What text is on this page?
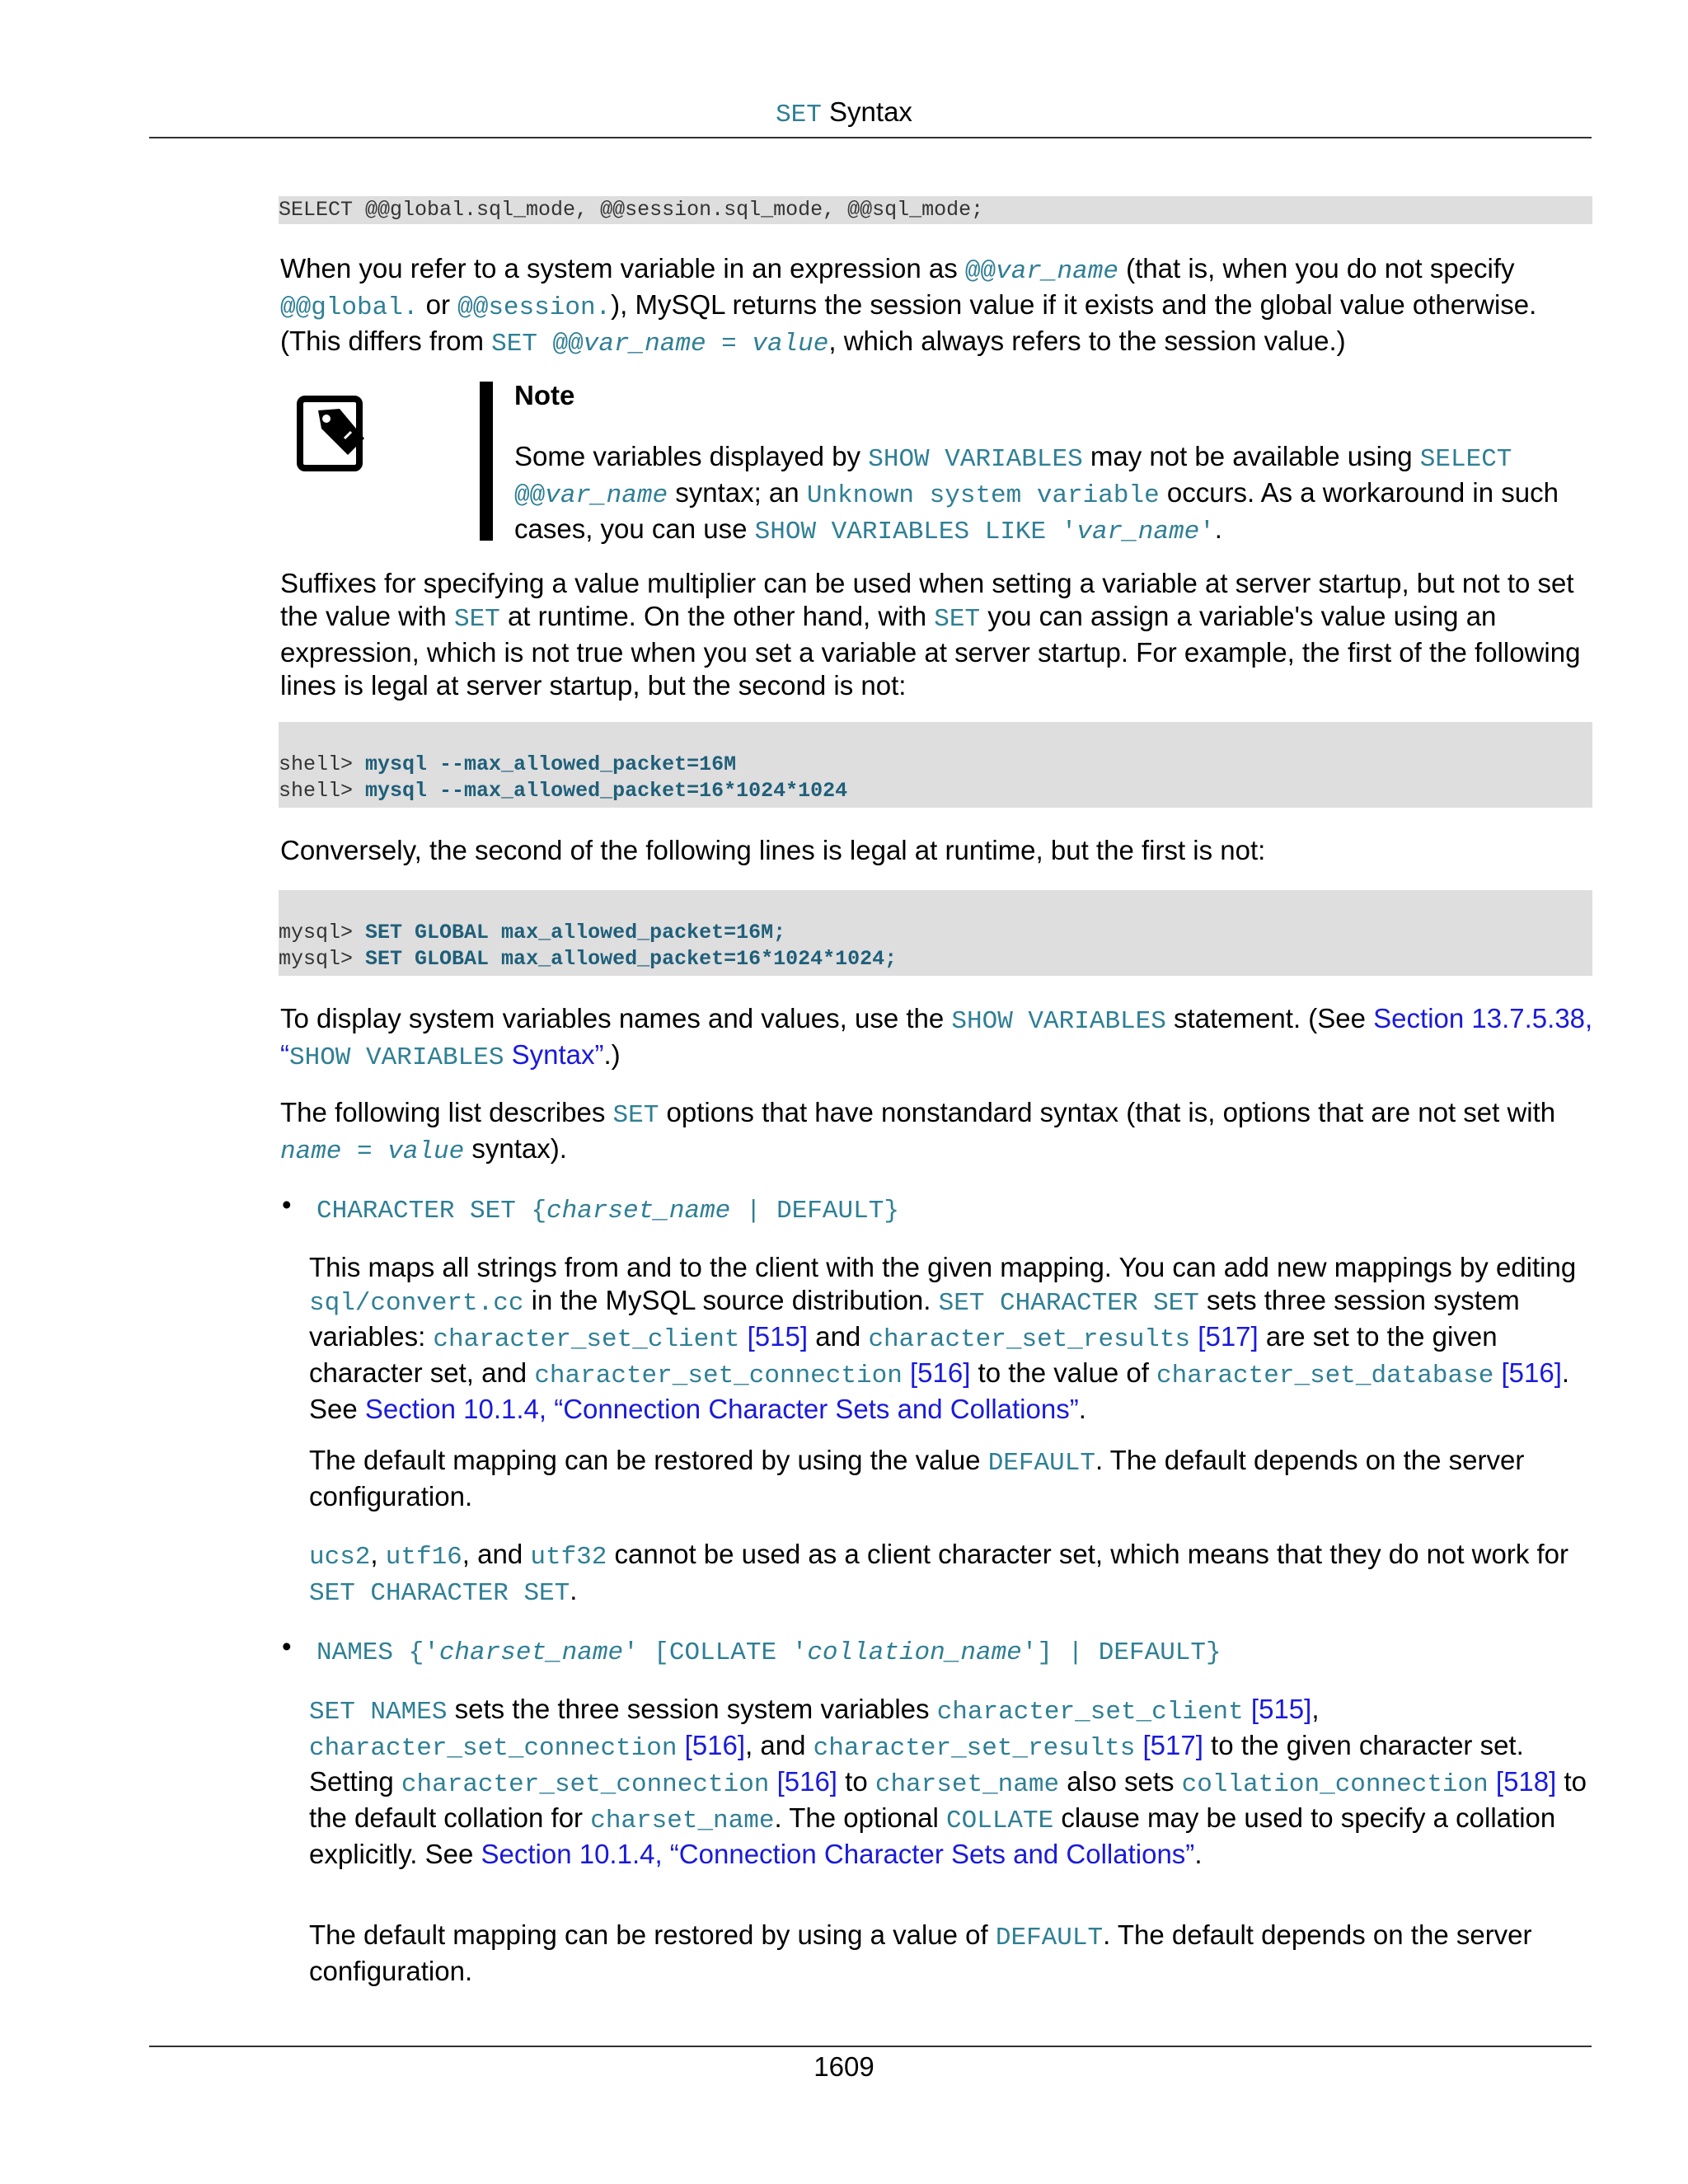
SET Syntax
SELECT @@global.sql_mode, @@session.sql_mode, @@sql_mode;
When you refer to a system variable in an expression as @@var_name (that is, when you do not specify @@global. or @@session.), MySQL returns the session value if it exists and the global value otherwise. (This differs from SET @@var_name = value, which always refers to the session value.)
Note
Some variables displayed by SHOW VARIABLES may not be available using SELECT @@var_name syntax; an Unknown system variable occurs. As a workaround in such cases, you can use SHOW VARIABLES LIKE 'var_name'.
Suffixes for specifying a value multiplier can be used when setting a variable at server startup, but not to set the value with SET at runtime. On the other hand, with SET you can assign a variable's value using an expression, which is not true when you set a variable at server startup. For example, the first of the following lines is legal at server startup, but the second is not:
shell> mysql --max_allowed_packet=16M
shell> mysql --max_allowed_packet=16*1024*1024
Conversely, the second of the following lines is legal at runtime, but the first is not:
mysql> SET GLOBAL max_allowed_packet=16M;
mysql> SET GLOBAL max_allowed_packet=16*1024*1024;
To display system variables names and values, use the SHOW VARIABLES statement. (See Section 13.7.5.38, “SHOW VARIABLES Syntax”.)
The following list describes SET options that have nonstandard syntax (that is, options that are not set with name = value syntax).
• CHARACTER SET {charset_name | DEFAULT}
This maps all strings from and to the client with the given mapping. You can add new mappings by editing sql/convert.cc in the MySQL source distribution. SET CHARACTER SET sets three session system variables: character_set_client [515] and character_set_results [517] are set to the given character set, and character_set_connection [516] to the value of character_set_database [516]. See Section 10.1.4, “Connection Character Sets and Collations”.
The default mapping can be restored by using the value DEFAULT. The default depends on the server configuration.
ucs2, utf16, and utf32 cannot be used as a client character set, which means that they do not work for SET CHARACTER SET.
• NAMES {'charset_name' [COLLATE 'collation_name'] | DEFAULT}
SET NAMES sets the three session system variables character_set_client [515], character_set_connection [516], and character_set_results [517] to the given character set. Setting character_set_connection [516] to charset_name also sets collation_connection [518] to the default collation for charset_name. The optional COLLATE clause may be used to specify a collation explicitly. See Section 10.1.4, “Connection Character Sets and Collations”.
The default mapping can be restored by using a value of DEFAULT. The default depends on the server configuration.
1609
